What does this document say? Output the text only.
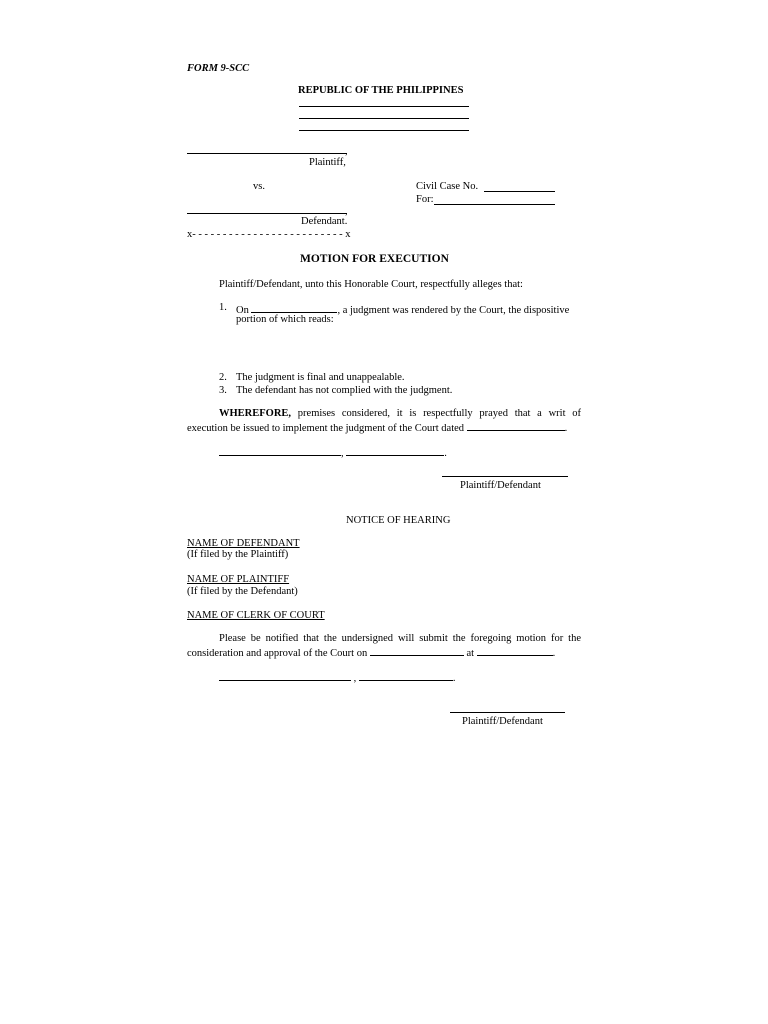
FORM 9-SCC
REPUBLIC OF THE PHILIPPINES
,
Plaintiff,
vs.	Civil Case No.
For:
,
Defendant.
x- - - - - - - - - - - - - - - - - - - - - - - - - x
MOTION FOR EXECUTION
Plaintiff/Defendant, unto this Honorable Court, respectfully alleges that:
1. On	, a judgment was rendered by the Court, the dispositive
portion of which reads:
2. The judgment is final and unappealable.
3. The defendant has not complied with the judgment.
WHEREFORE, premises considered, it is respectfully prayed that a writ of
execution be issued to implement the judgment of the Court dated	.
,	.
Plaintiff/Defendant
NOTICE OF HEARING
NAME OF DEFENDANT
(If filed by the Plaintiff)
NAME OF PLAINTIFF
(If filed by the Defendant)
NAME OF CLERK OF COURT
Please be notified that the undersigned will submit the foregoing motion for the
consideration and approval of the Court on	at	.
,	.
Plaintiff/Defendant
